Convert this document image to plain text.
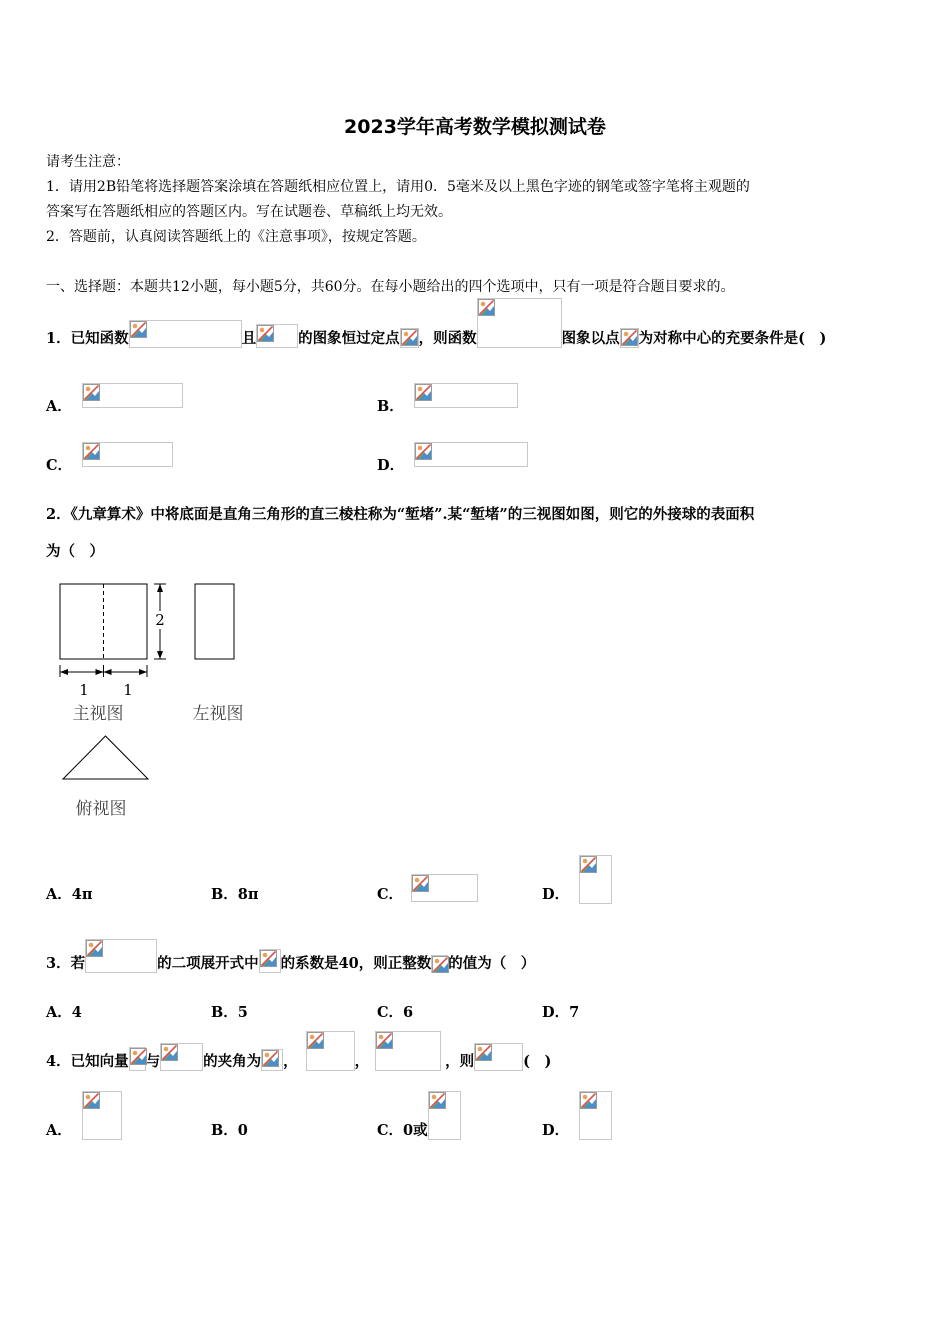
2023学年高考数学模拟测试卷
请考生注意：
1．请用2B铅笔将选择题答案涂填在答题纸相应位置上，请用0．5毫米及以上黑色字迹的钢笔或签字笔将主观题的
答案写在答题纸相应的答题区内。写在试题卷、草稿纸上均无效。
2．答题前，认真阅读答题纸上的《注意事项》，按规定答题。
一、选择题：本题共12小题，每小题5分，共60分。在每小题给出的四个选项中，只有一项是符合题目要求的。
1．已知函数	且	的图象恒过定点 ，则函数	图象以点 为对称中心的充要条件是(　)
A．	B．
C．	D．
2．《九章算术》中将底面是直角三角形的直三棱柱称为“堑堵”.某“堑堵”的三视图如图，则它的外接球的表面积
为（　）
2
1 1
主视图	左视图
俯视图
A．4π	B．8π	C．	D．
3．若	的二项展开式中 的系数是40，则正整数 的值为（　）
A．4	B．5	C．6	D．7
4．已知向量 与	的夹角为 ，	，	，则	(　)
A．	B．0	C．0或	D．
